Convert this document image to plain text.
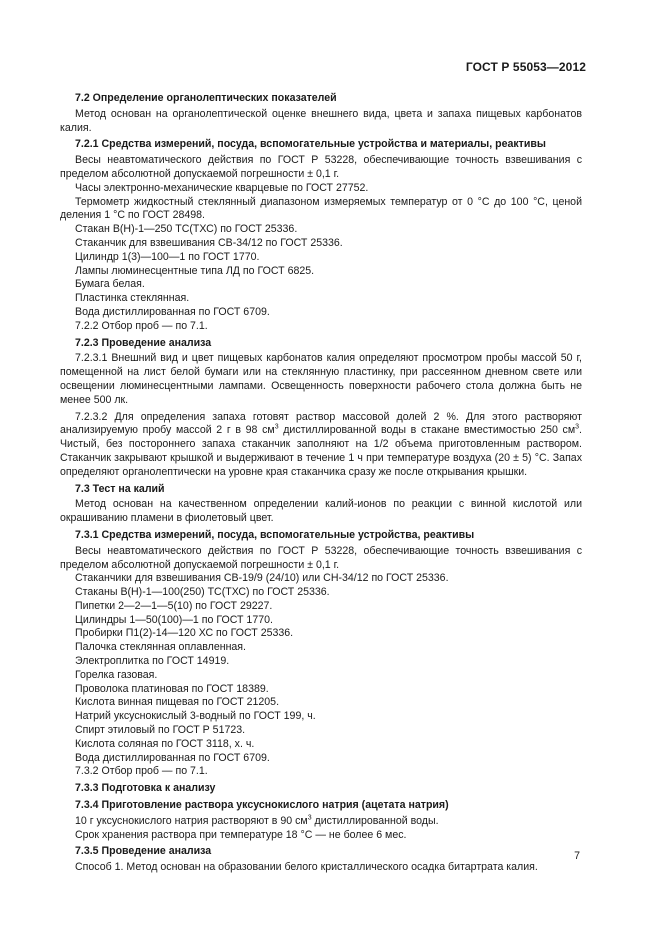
ГОСТ Р 55053—2012

7.2 Определение органолептических показателей

Метод основан на органолептической оценке внешнего вида, цвета и запаха пищевых карбонатов калия.

7.2.1 Средства измерений, посуда, вспомогательные устройства и материалы, реактивы

Весы неавтоматического действия по ГОСТ Р 53228, обеспечивающие точность взвешивания с пределом абсолютной допускаемой погрешности ± 0,1 г.

Часы электронно-механические кварцевые по ГОСТ 27752.

Термометр жидкостный стеклянный диапазоном измеряемых температур от 0 °С до 100 °С, ценой деления 1 °С по ГОСТ 28498.

Стакан В(Н)-1—250 ТС(ТХС) по ГОСТ 25336.

Стаканчик для взвешивания СВ-34/12 по ГОСТ 25336.

Цилиндр 1(3)—100—1 по ГОСТ 1770.

Лампы люминесцентные типа ЛД по ГОСТ 6825.

Бумага белая.

Пластинка стеклянная.

Вода дистиллированная по ГОСТ 6709.

7.2.2 Отбор проб — по 7.1.

7.2.3 Проведение анализа

7.2.3.1 Внешний вид и цвет пищевых карбонатов калия определяют просмотром пробы массой 50 г, помещенной на лист белой бумаги или на стеклянную пластинку, при рассеянном дневном свете или освещении люминесцентными лампами. Освещенность поверхности рабочего стола должна быть не менее 500 лк.

7.2.3.2 Для определения запаха готовят раствор массовой долей 2 %. Для этого растворяют анализируемую пробу массой 2 г в 98 $см^3$ дистиллированной воды в стакане вместимостью 250 $см^3$. Чистый, без постороннего запаха стаканчик заполняют на 1/2 объема приготовленным раствором. Стаканчик закрывают крышкой и выдерживают в течение 1 ч при температуре воздуха (20 ± 5) °С. Запах определяют органолептически на уровне края стаканчика сразу же после открывания крышки.

7.3 Тест на калий

Метод основан на качественном определении калий-ионов по реакции с винной кислотой или окрашиванию пламени в фиолетовый цвет.

7.3.1 Средства измерений, посуда, вспомогательные устройства, реактивы

Весы неавтоматического действия по ГОСТ Р 53228, обеспечивающие точность взвешивания с пределом абсолютной допускаемой погрешности ± 0,1 г.

Стаканчики для взвешивания СВ-19/9 (24/10) или СН-34/12 по ГОСТ 25336.

Стаканы В(Н)-1—100(250) ТС(ТХС) по ГОСТ 25336.

Пипетки 2—2—1—5(10) по ГОСТ 29227.

Цилиндры 1—50(100)—1 по ГОСТ 1770.

Пробирки П1(2)-14—120 ХС по ГОСТ 25336.

Палочка стеклянная оплавленная.

Электроплитка по ГОСТ 14919.

Горелка газовая.

Проволока платиновая по ГОСТ 18389.

Кислота винная пищевая по ГОСТ 21205.

Натрий уксуснокислый 3-водный по ГОСТ 199, ч.

Спирт этиловый по ГОСТ Р 51723.

Кислота соляная по ГОСТ 3118, х. ч.

Вода дистиллированная по ГОСТ 6709.

7.3.2 Отбор проб — по 7.1.

7.3.3 Подготовка к анализу

7.3.4 Приготовление раствора уксуснокислого натрия (ацетата натрия)

10 г уксуснокислого натрия растворяют в 90 $см^3$ дистиллированной воды.

Срок хранения раствора при температуре 18 °С — не более 6 мес.

7.3.5 Проведение анализа

Способ 1. Метод основан на образовании белого кристаллического осадка битартрата калия.

7
